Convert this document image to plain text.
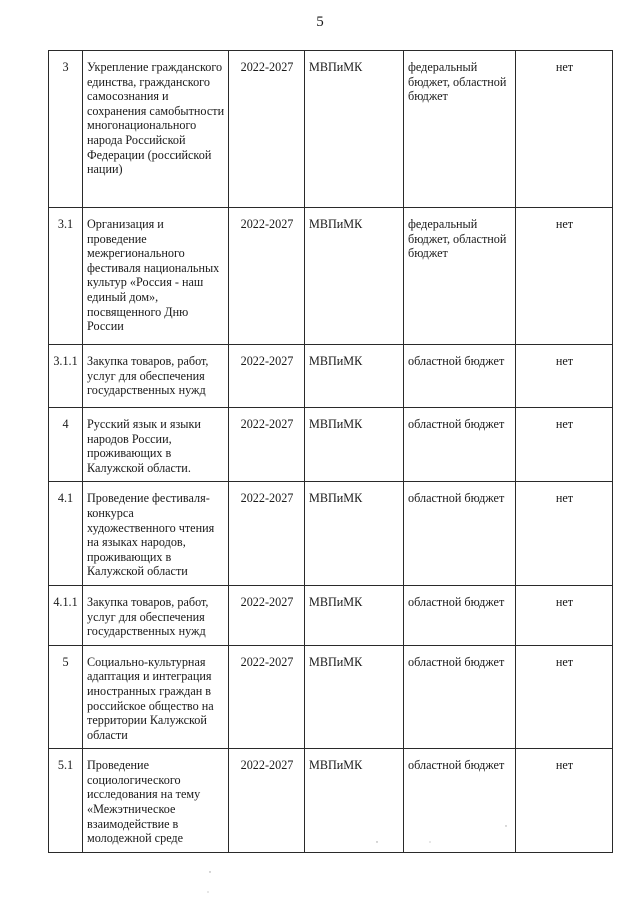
5
3	Укрепление гражданского единства, гражданского самосознания и сохранения самобытности многонационального народа Российской Федерации (российской нации)	2022-2027	МВПиМК	федеральный бюджет, областной бюджет	нет
3.1	Организация и проведение межрегионального фестиваля национальных культур «Россия - наш единый дом», посвященного Дню России	2022-2027	МВПиМК	федеральный бюджет, областной бюджет	нет
3.1.1	Закупка товаров, работ, услуг для обеспечения государственных нужд	2022-2027	МВПиМК	областной бюджет	нет
4	Русский язык и языки народов России, проживающих в Калужской области.	2022-2027	МВПиМК	областной бюджет	нет
4.1	Проведение фестиваля-конкурса художественного чтения на языках народов, проживающих в Калужской области	2022-2027	МВПиМК	областной бюджет	нет
4.1.1	Закупка товаров, работ, услуг для обеспечения государственных нужд	2022-2027	МВПиМК	областной бюджет	нет
5	Социально-культурная адаптация и интеграция иностранных граждан в российское общество на территории Калужской области	2022-2027	МВПиМК	областной бюджет	нет
5.1	Проведение социологического исследования на тему «Межэтническое взаимодействие в молодежной среде	2022-2027	МВПиМК	областной бюджет	нет
